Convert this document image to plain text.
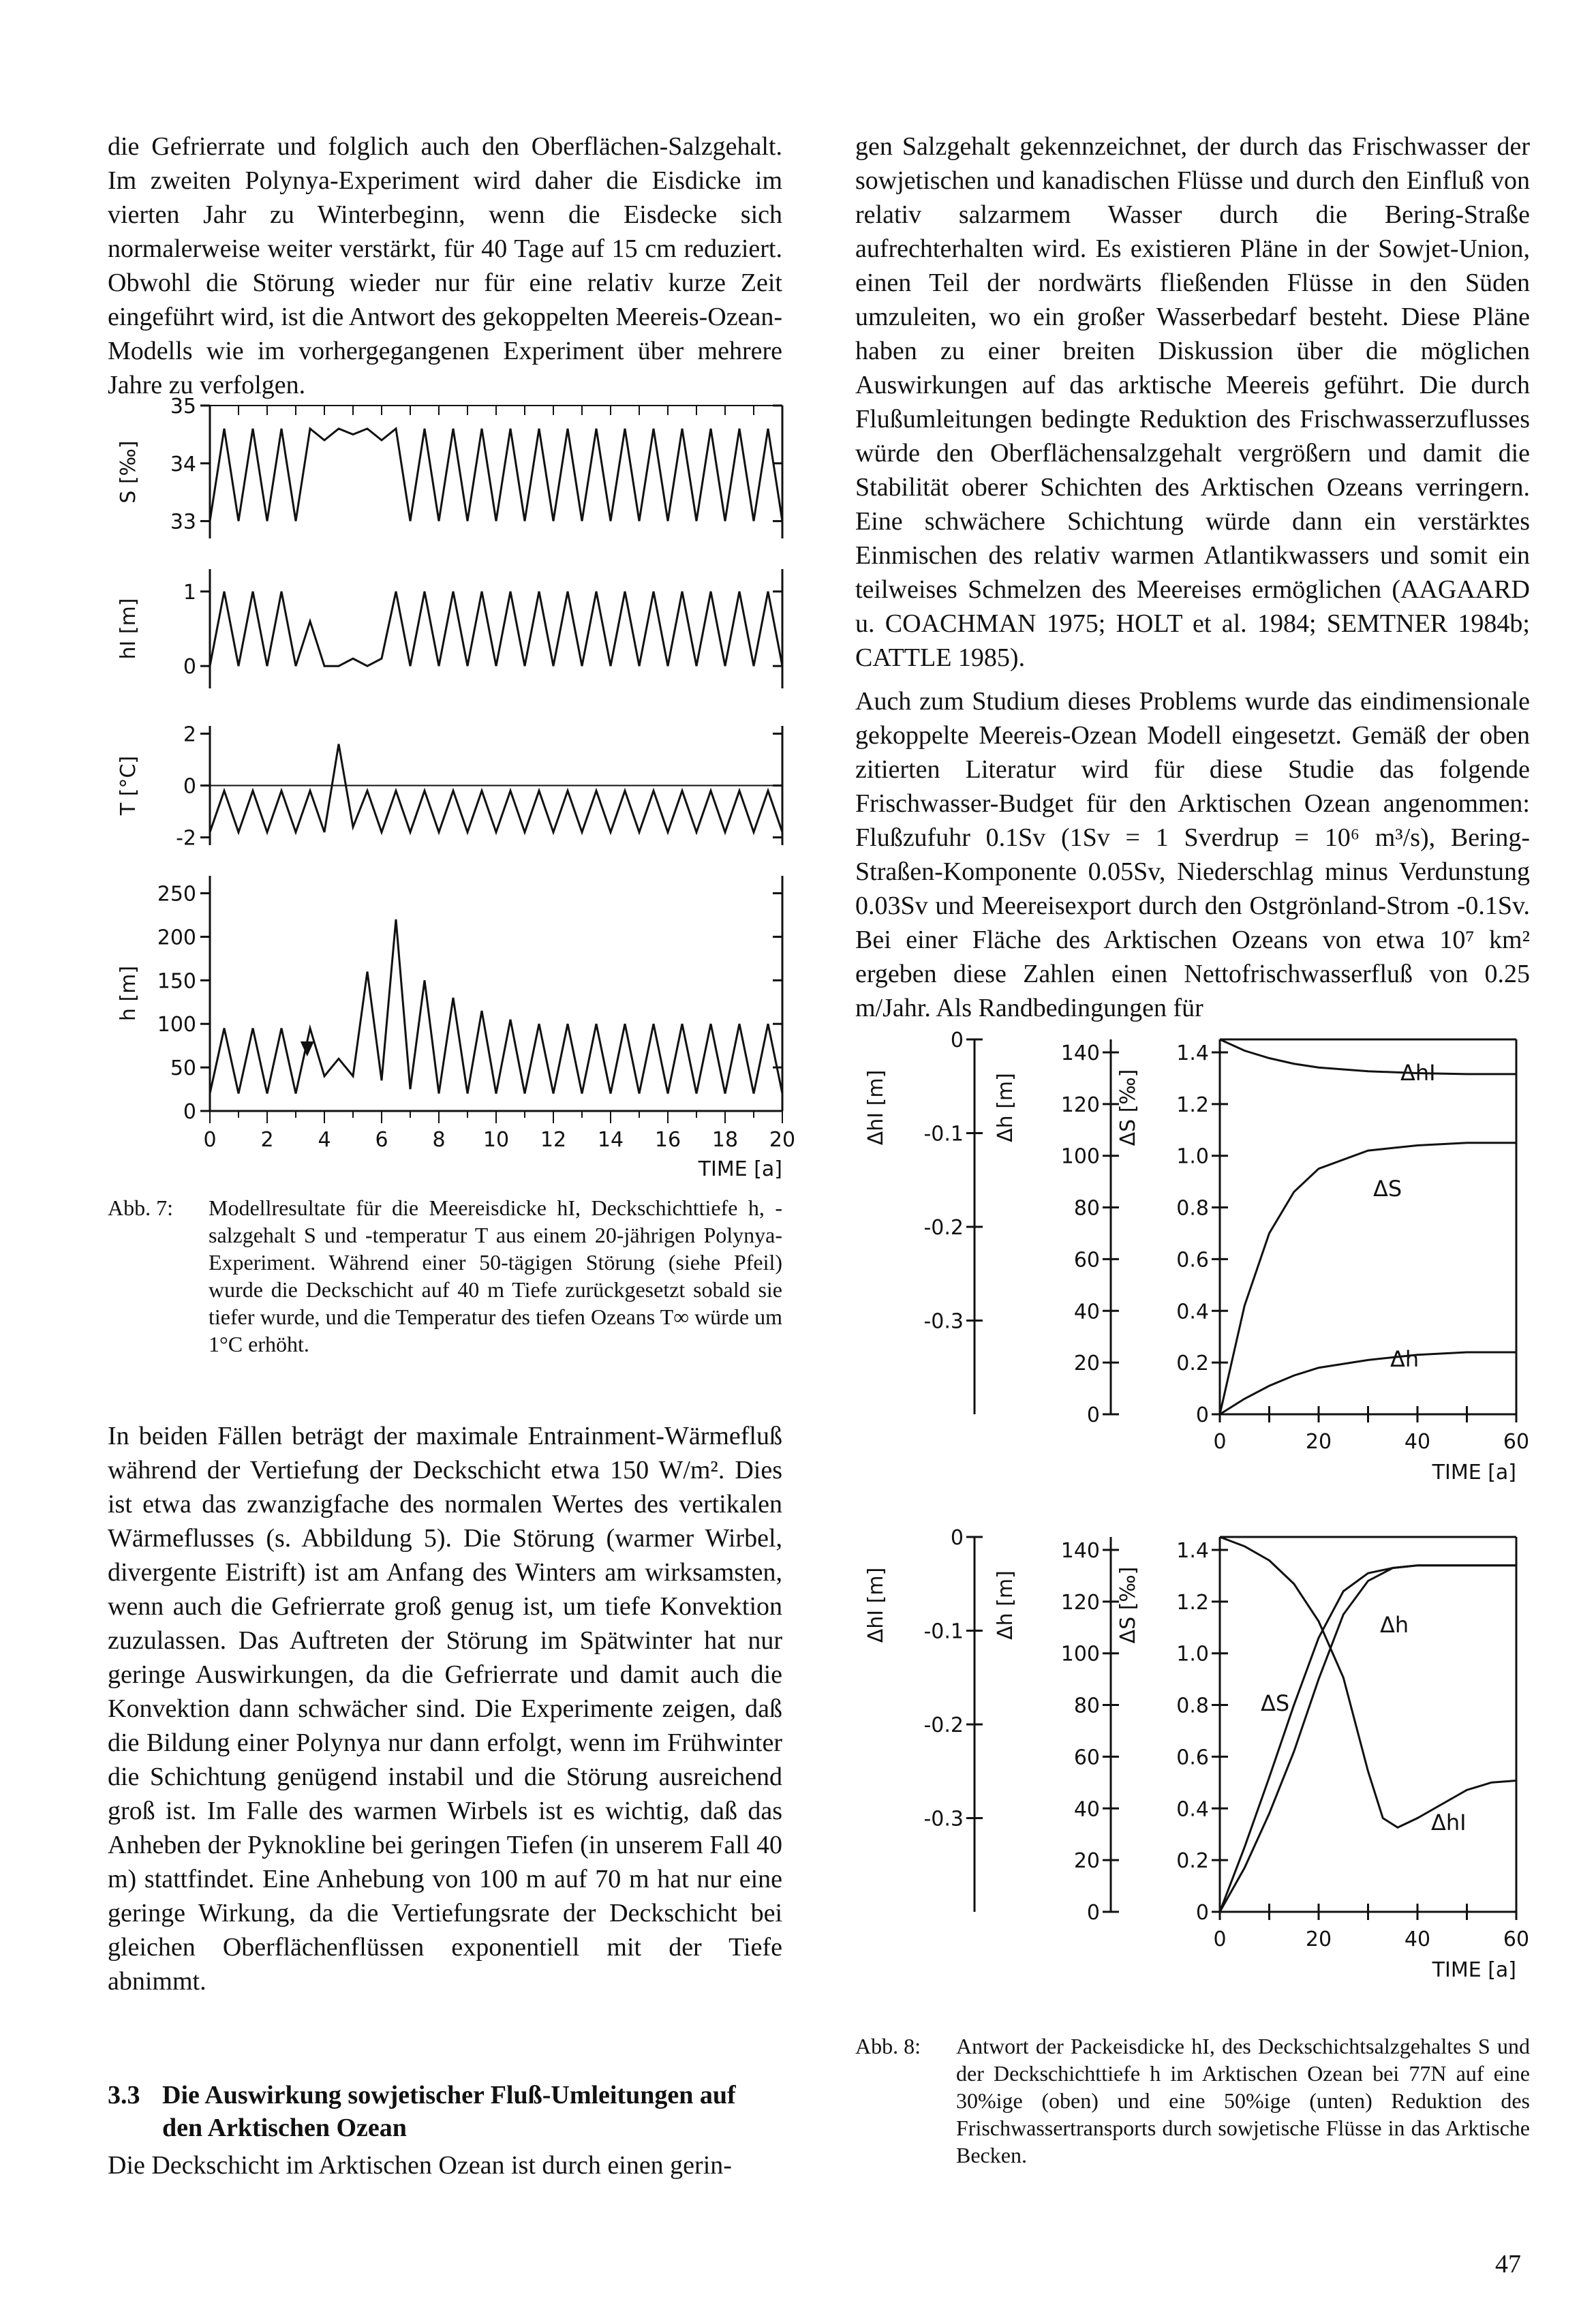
die Gefrierrate und folglich auch den Oberflächen-Salzgehalt. Im zweiten Polynya-Experiment wird daher die Eisdicke im vierten Jahr zu Winterbeginn, wenn die Eisdecke sich normalerweise weiter verstärkt, für 40 Tage auf 15 cm reduziert. Obwohl die Störung wieder nur für eine relativ kurze Zeit eingeführt wird, ist die Antwort des gekoppelten Meereis-Ozean-Modells wie im vorhergegangenen Experiment über mehrere Jahre zu verfolgen.

35
34
33
S [‰]
1
0
hI [m]
2
0
-2
T [°C]
250
200
150
100
50
0
h [m]
0 2 4 6 8 10 12 14 16 18 20
TIME [a]
Abb. 7:	Modellresultate für die Meereisdicke hI, Deckschichttiefe h, -salzgehalt S und -temperatur T aus einem 20-jährigen Polynya-Experiment. Während einer 50-tägigen Störung (siehe Pfeil) wurde die Deckschicht auf 40 m Tiefe zurückgesetzt sobald sie tiefer wurde, und die Temperatur des tiefen Ozeans T∞ würde um 1°C erhöht.

In beiden Fällen beträgt der maximale Entrainment-Wärmefluß während der Vertiefung der Deckschicht etwa 150 W/m². Dies ist etwa das zwanzigfache des normalen Wertes des vertikalen Wärmeflusses (s. Abbildung 5). Die Störung (warmer Wirbel, divergente Eistrift) ist am Anfang des Winters am wirksamsten, wenn auch die Gefrierrate groß genug ist, um tiefe Konvektion zuzulassen. Das Auftreten der Störung im Spätwinter hat nur geringe Auswirkungen, da die Gefrierrate und damit auch die Konvektion dann schwächer sind. Die Experimente zeigen, daß die Bildung einer Polynya nur dann erfolgt, wenn im Frühwinter die Schichtung genügend instabil und die Störung ausreichend groß ist. Im Falle des warmen Wirbels ist es wichtig, daß das Anheben der Pyknokline bei geringen Tiefen (in unserem Fall 40 m) stattfindet. Eine Anhebung von 100 m auf 70 m hat nur eine geringe Wirkung, da die Vertiefungsrate der Deckschicht bei gleichen Oberflächenflüssen exponentiell mit der Tiefe abnimmt.

3.3 Die Auswirkung sowjetischer Fluß-Umleitungen auf den Arktischen Ozean
Die Deckschicht im Arktischen Ozean ist durch einen gerin-

gen Salzgehalt gekennzeichnet, der durch das Frischwasser der sowjetischen und kanadischen Flüsse und durch den Einfluß von relativ salzarmem Wasser durch die Bering-Straße aufrechterhalten wird. Es existieren Pläne in der Sowjet-Union, einen Teil der nordwärts fließenden Flüsse in den Süden umzuleiten, wo ein großer Wasserbedarf besteht. Diese Pläne haben zu einer breiten Diskussion über die möglichen Auswirkungen auf das arktische Meereis geführt. Die durch Flußumleitungen bedingte Reduktion des Frischwasserzuflusses würde den Oberflächensalzgehalt vergrößern und damit die Stabilität oberer Schichten des Arktischen Ozeans verringern. Eine schwächere Schichtung würde dann ein verstärktes Einmischen des relativ warmen Atlantikwassers und somit ein teilweises Schmelzen des Meereises ermöglichen (AAGAARD u. COACHMAN 1975; HOLT et al. 1984; SEMTNER 1984b; CATTLE 1985).

Auch zum Studium dieses Problems wurde das eindimensionale gekoppelte Meereis-Ozean Modell eingesetzt. Gemäß der oben zitierten Literatur wird für diese Studie das folgende Frischwasser-Budget für den Arktischen Ozean angenommen: Flußzufuhr 0.1Sv (1Sv = 1 Sverdrup = 10⁶ m³/s), Bering-Straßen-Komponente 0.05Sv, Niederschlag minus Verdunstung 0.03Sv und Meereisexport durch den Ostgrönland-Strom -0.1Sv. Bei einer Fläche des Arktischen Ozeans von etwa 10⁷ km² ergeben diese Zahlen einen Nettofrischwasserfluß von 0.25 m/Jahr. Als Randbedingungen für

1.4
1.2
1.0
0.8
0.6
0.4
0.2
0
140
120
100
80
60
40
20
0
0
-0.1
-0.2
-0.3
ΔhI [m]	Δh [m]	ΔS [‰]
0	20	40	60
TIME [a]
ΔhI
ΔS
Δh
1.4
1.2
1.0
0.8
0.6
0.4
0.2
0
140
120
100
80
60
40
20
0
0
-0.1
-0.2
-0.3
ΔhI [m]	Δh [m]	ΔS [‰]
0	20	40	60
TIME [a]
ΔhI
ΔS
Δh
Abb. 8:	Antwort der Packeisdicke hI, des Deckschichtsalzgehaltes S und der Deckschichttiefe h im Arktischen Ozean bei 77N auf eine 30%ige (oben) und eine 50%ige (unten) Reduktion des Frischwassertransports durch sowjetische Flüsse in das Arktische Becken.
47
